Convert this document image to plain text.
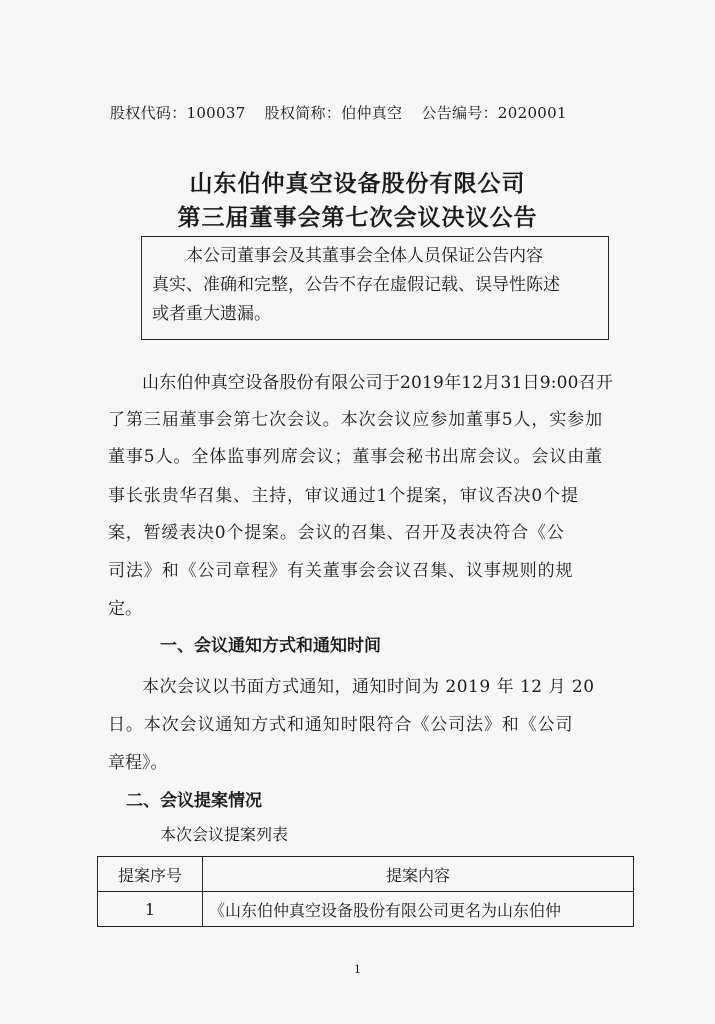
股权代码：100037 股权简称：伯仲真空 公告编号：2020001
山东伯仲真空设备股份有限公司
第三届董事会第七次会议决议公告
本公司董事会及其董事会全体人员保证公告内容
真实、准确和完整，公告不存在虚假记载、误导性陈述
或者重大遗漏。
山东伯仲真空设备股份有限公司于2019年12月31日9:00召开
了第三届董事会第七次会议。本次会议应参加董事5人，实参加
董事5人。全体监事列席会议；董事会秘书出席会议。会议由董
事长张贵华召集、主持，审议通过1个提案，审议否决0个提
案，暂缓表决0个提案。会议的召集、召开及表决符合《公
司法》和《公司章程》有关董事会会议召集、议事规则的规
定。
一、会议通知方式和通知时间
本次会议以书面方式通知，通知时间为 2019 年 12 月 20
日。本次会议通知方式和通知时限符合《公司法》和《公司
章程》。
二、会议提案情况
本次会议提案列表
提案序号	提案内容
1	《山东伯仲真空设备股份有限公司更名为山东伯仲
1
